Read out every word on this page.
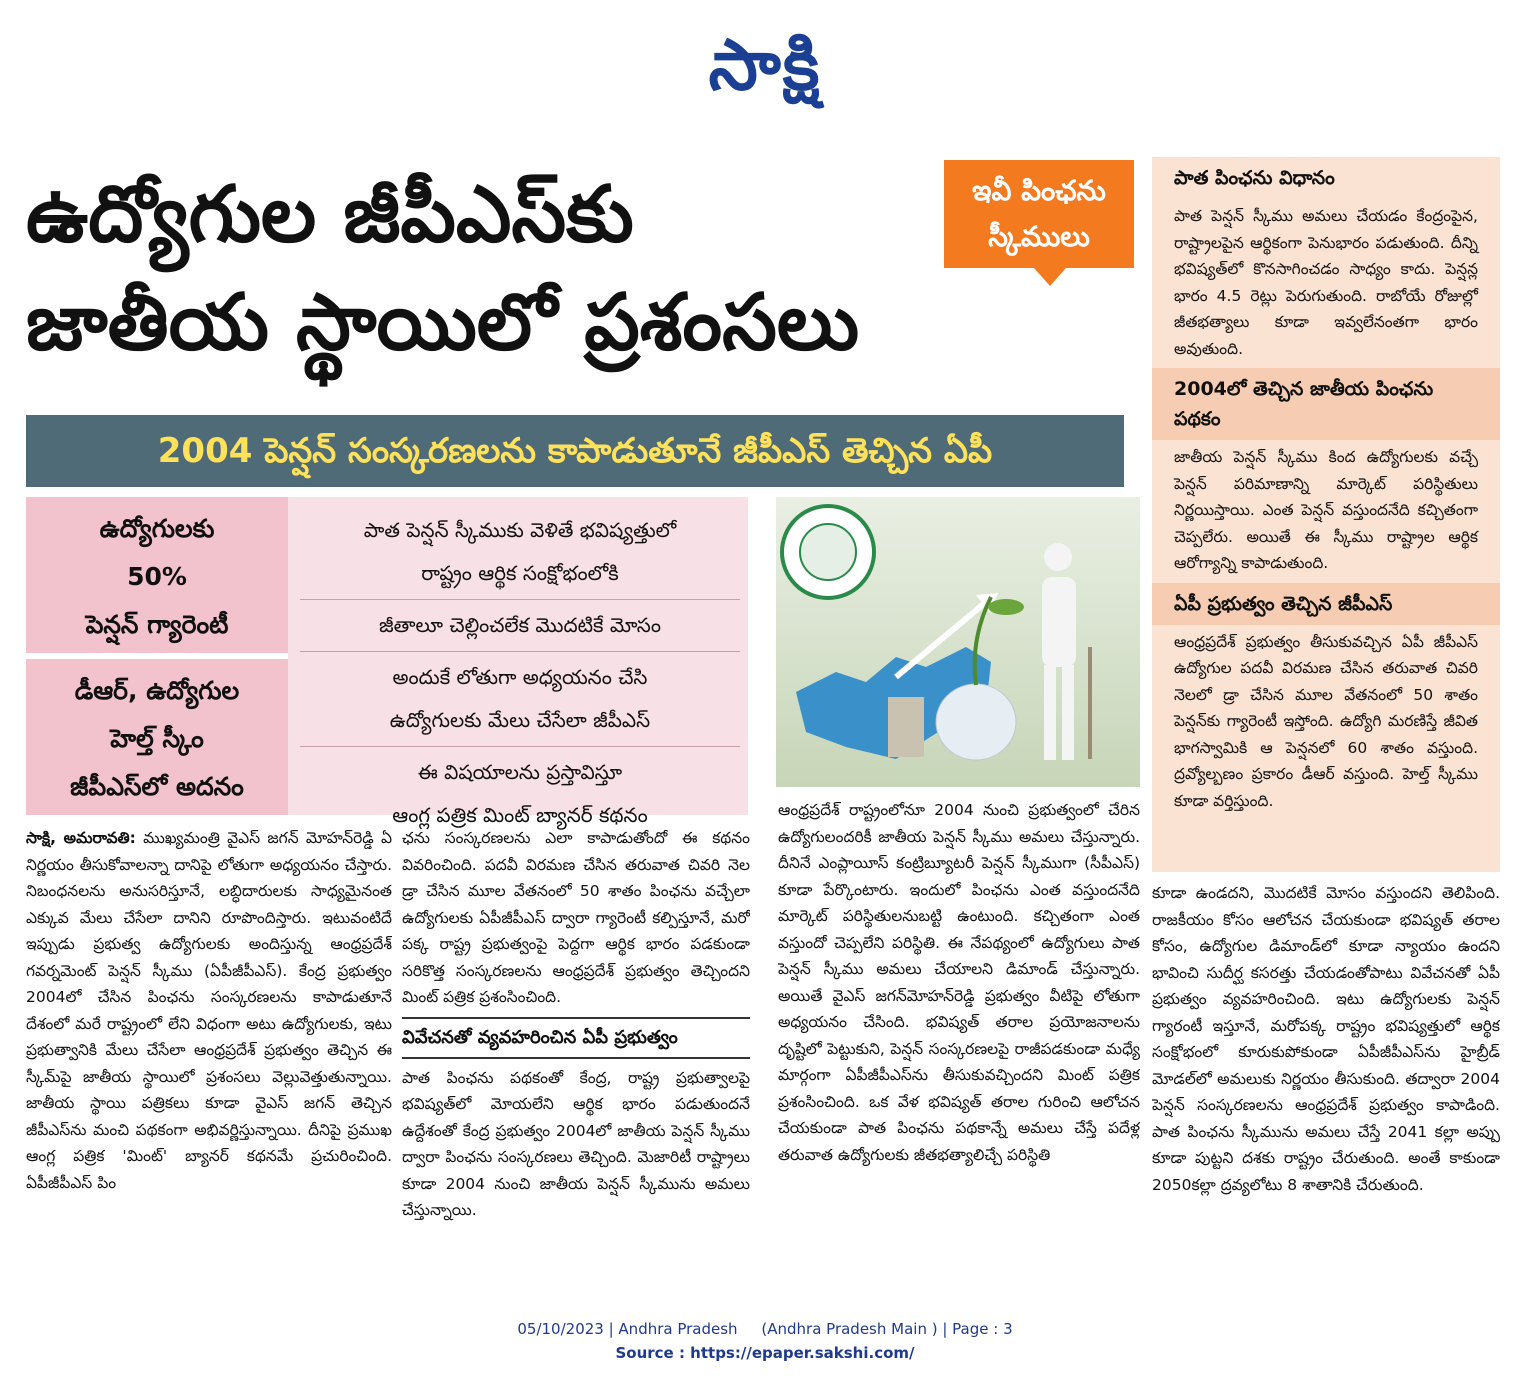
సాక్షి
ఉద్యోగుల జీపీఎస్‌కు
జాతీయ స్థాయిలో ప్రశంసలు
ఇవీ పింఛను
స్కీములు
2004 పెన్షన్ సంస్కరణలను కాపాడుతూనే జీపీఎస్ తెచ్చిన ఏపీ
ఉద్యోగులకు
50%
పెన్షన్ గ్యారెంటీ
డీఆర్, ఉద్యోగుల
హెల్త్ స్కీం
జీపీఎస్‌లో అదనం
పాత పెన్షన్ స్కీముకు వెళితే భవిష్యత్తులో
రాష్ట్రం ఆర్థిక సంక్షోభంలోకి
జీతాలూ చెల్లించలేక మొదటికే మోసం
అందుకే లోతుగా అధ్యయనం చేసి
ఉద్యోగులకు మేలు చేసేలా జీపీఎస్
ఈ విషయాలను ప్రస్తావిస్తూ
ఆంగ్ల పత్రిక మింట్ బ్యానర్ కథనం
పాత పింఛను విధానం
పాత పెన్షన్ స్కీము అమలు చేయడం కేంద్రంపైన, రాష్ట్రాలపైన ఆర్థికంగా పెనుభారం పడుతుంది. దీన్ని భవిష్యత్‌లో కొనసాగించడం సాధ్యం కాదు. పెన్షన్ల భారం 4.5 రెట్లు పెరుగుతుంది. రాబోయే రోజుల్లో జీతభత్యాలు కూడా ఇవ్వలేనంతగా భారం అవుతుంది.
2004లో తెచ్చిన జాతీయ పింఛను పథకం
జాతీయ పెన్షన్ స్కీము కింద ఉద్యోగులకు వచ్చే పెన్షన్ పరిమాణాన్ని మార్కెట్ పరిస్థితులు నిర్ణయిస్తాయి. ఎంత పెన్షన్ వస్తుందనేది కచ్చితంగా చెప్పలేరు. అయితే ఈ స్కీము రాష్ట్రాల ఆర్థిక ఆరోగ్యాన్ని కాపాడుతుంది.
ఏపీ ప్రభుత్వం తెచ్చిన జీపీఎస్
ఆంధ్రప్రదేశ్ ప్రభుత్వం తీసుకువచ్చిన ఏపీ జీపీఎస్ ఉద్యోగుల పదవీ విరమణ చేసిన తరువాత చివరి నెలలో డ్రా చేసిన మూల వేతనంలో 50 శాతం పెన్షన్‌కు గ్యారెంటీ ఇస్తోంది. ఉద్యోగి మరణిస్తే జీవిత భాగస్వామికి ఆ పెన్షనలో 60 శాతం వస్తుంది. ద్రవ్యోల్బణం ప్రకారం డీఆర్ వస్తుంది. హెల్త్ స్కీము కూడా వర్తిస్తుంది.
సాక్షి, అమరావతి: ముఖ్యమంత్రి వైఎస్ జగన్ మోహన్‌రెడ్డి ఏ నిర్ణయం తీసుకోవాలన్నా దానిపై లోతుగా అధ్యయనం చేస్తారు. నిబంధనలను అనుసరిస్తూనే, లబ్ధిదారులకు సాధ్యమైనంత ఎక్కువ మేలు చేసేలా దానిని రూపొందిస్తారు. ఇటువంటిదే ఇప్పుడు ప్రభుత్వ ఉద్యోగులకు అందిస్తున్న ఆంధ్రప్రదేశ్ గవర్నమెంట్ పెన్షన్ స్కీము (ఏపీజీపీఎస్). కేంద్ర ప్రభుత్వం 2004లో చేసిన పింఛను సంస్కరణలను కాపాడుతూనే దేశంలో మరే రాష్ట్రంలో లేని విధంగా అటు ఉద్యోగులకు, ఇటు ప్రభుత్వానికి మేలు చేసేలా ఆంధ్రప్రదేశ్ ప్రభుత్వం తెచ్చిన ఈ స్కీమ్‌పై జాతీయ స్థాయిలో ప్రశంసలు వెల్లువెత్తుతున్నాయి. జాతీయ స్థాయి పత్రికలు కూడా వైఎస్ జగన్ తెచ్చిన జీపీఎస్‌ను మంచి పథకంగా అభివర్ణిస్తున్నాయి. దీనిపై ప్రముఖ ఆంగ్ల పత్రిక 'మింట్' బ్యానర్ కథనమే ప్రచురించింది. ఏపీజీపీఎస్ పిం
ఛను సంస్కరణలను ఎలా కాపాడుతోందో ఈ కథనం వివరించింది. పదవీ విరమణ చేసిన తరువాత చివరి నెల డ్రా చేసిన మూల వేతనంలో 50 శాతం పింఛను వచ్చేలా ఉద్యోగులకు ఏపీజీపీఎస్ ద్వారా గ్యారెంటీ కల్పిస్తూనే, మరో పక్క రాష్ట్ర ప్రభుత్వంపై పెద్దగా ఆర్థిక భారం పడకుండా సరికొత్త సంస్కరణలను ఆంధ్రప్రదేశ్ ప్రభుత్వం తెచ్చిందని మింట్ పత్రిక ప్రశంసించింది.
వివేచనతో వ్యవహరించిన ఏపీ ప్రభుత్వం
పాత పింఛను పథకంతో కేంద్ర, రాష్ట్ర ప్రభుత్వాలపై భవిష్యత్‌లో మోయలేని ఆర్థిక భారం పడుతుందనే ఉద్దేశంతో కేంద్ర ప్రభుత్వం 2004లో జాతీయ పెన్షన్ స్కీము ద్వారా పింఛను సంస్కరణలు తెచ్చింది. మెజారిటీ రాష్ట్రాలు కూడా 2004 నుంచి జాతీయ పెన్షన్ స్కీమును అమలు చేస్తున్నాయి.
ఆంధ్రప్రదేశ్ రాష్ట్రంలోనూ 2004 నుంచి ప్రభుత్వంలో చేరిన ఉద్యోగులందరికీ జాతీయ పెన్షన్ స్కీము అమలు చేస్తున్నారు. దీనినే ఎంప్లాయీస్ కంట్రిబ్యూటరీ పెన్షన్ స్కీముగా (సీపీఎస్) కూడా పేర్కొంటారు. ఇందులో పింఛను ఎంత వస్తుందనేది మార్కెట్ పరిస్థితులనుబట్టి ఉంటుంది. కచ్చితంగా ఎంత వస్తుందో చెప్పలేని పరిస్థితి. ఈ నేపథ్యంలో ఉద్యోగులు పాత పెన్షన్ స్కీము అమలు చేయాలని డిమాండ్ చేస్తున్నారు. అయితే వైఎస్ జగన్‌మోహన్‌రెడ్డి ప్రభుత్వం వీటిపై లోతుగా అధ్యయనం చేసింది. భవిష్యత్ తరాల ప్రయోజనాలను దృష్టిలో పెట్టుకుని, పెన్షన్ సంస్కరణలపై రాజీపడకుండా మధ్యే మార్గంగా ఏపీజీపీఎస్‌ను తీసుకువచ్చిందని మింట్ పత్రిక ప్రశంసించింది. ఒక వేళ భవిష్యత్ తరాల గురించి ఆలోచన చేయకుండా పాత పింఛను పథకాన్నే అమలు చేస్తే పదేళ్ల తరువాత ఉద్యోగులకు జీతభత్యాలిచ్చే పరిస్థితి
కూడా ఉండదని, మొదటికే మోసం వస్తుందని తెలిపింది. రాజకీయం కోసం ఆలోచన చేయకుండా భవిష్యత్ తరాల కోసం, ఉద్యోగుల డిమాండ్‌లో కూడా న్యాయం ఉందని భావించి సుదీర్ఘ కసరత్తు చేయడంతోపాటు వివేచనతో ఏపీ ప్రభుత్వం వ్యవహరించింది. ఇటు ఉద్యోగులకు పెన్షన్ గ్యారంటీ ఇస్తూనే, మరోపక్క రాష్ట్రం భవిష్యత్తులో ఆర్థిక సంక్షోభంలో కూరుకుపోకుండా ఏపీజీపీఎస్‌ను హైబ్రీడ్ మోడల్‌లో అమలుకు నిర్ణయం తీసుకుంది. తద్వారా 2004 పెన్షన్ సంస్కరణలను ఆంధ్రప్రదేశ్ ప్రభుత్వం కాపాడింది. పాత పింఛను స్కీమును అమలు చేస్తే 2041 కల్లా అప్పు కూడా పుట్టని దశకు రాష్ట్రం చేరుతుంది. అంతే కాకుండా 2050కల్లా ద్రవ్యలోటు 8 శాతానికి చేరుతుంది.
05/10/2023 | Andhra Pradesh     (Andhra Pradesh Main ) | Page : 3
Source : https://epaper.sakshi.com/
